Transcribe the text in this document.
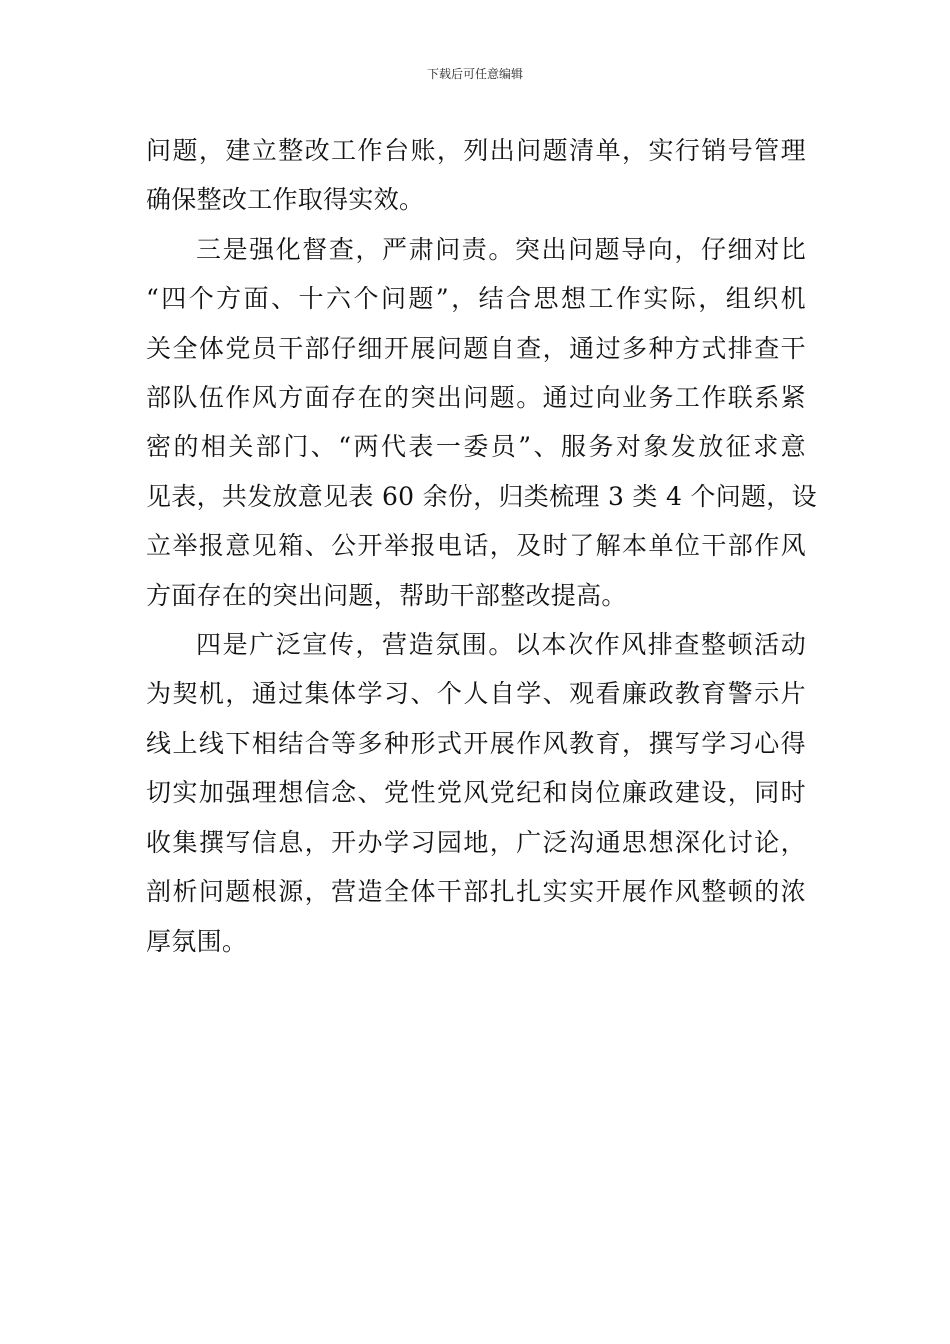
下载后可任意编辑
问题，建立整改工作台账，列出问题清单，实行销号管理
确保整改工作取得实效。
三是强化督查，严肃问责。突出问题导向，仔细对比
“四个方面、十六个问题”，结合思想工作实际，组织机
关全体党员干部仔细开展问题自查，通过多种方式排查干
部队伍作风方面存在的突出问题。通过向业务工作联系紧
密的相关部门、“两代表一委员”、服务对象发放征求意
见表，共发放意见表 60 余份，归类梳理 3 类 4 个问题，设
立举报意见箱、公开举报电话，及时了解本单位干部作风
方面存在的突出问题，帮助干部整改提高。
四是广泛宣传，营造氛围。以本次作风排查整顿活动
为契机，通过集体学习、个人自学、观看廉政教育警示片
线上线下相结合等多种形式开展作风教育，撰写学习心得
切实加强理想信念、党性党风党纪和岗位廉政建设，同时
收集撰写信息，开办学习园地，广泛沟通思想深化讨论，
剖析问题根源，营造全体干部扎扎实实开展作风整顿的浓
厚氛围。
